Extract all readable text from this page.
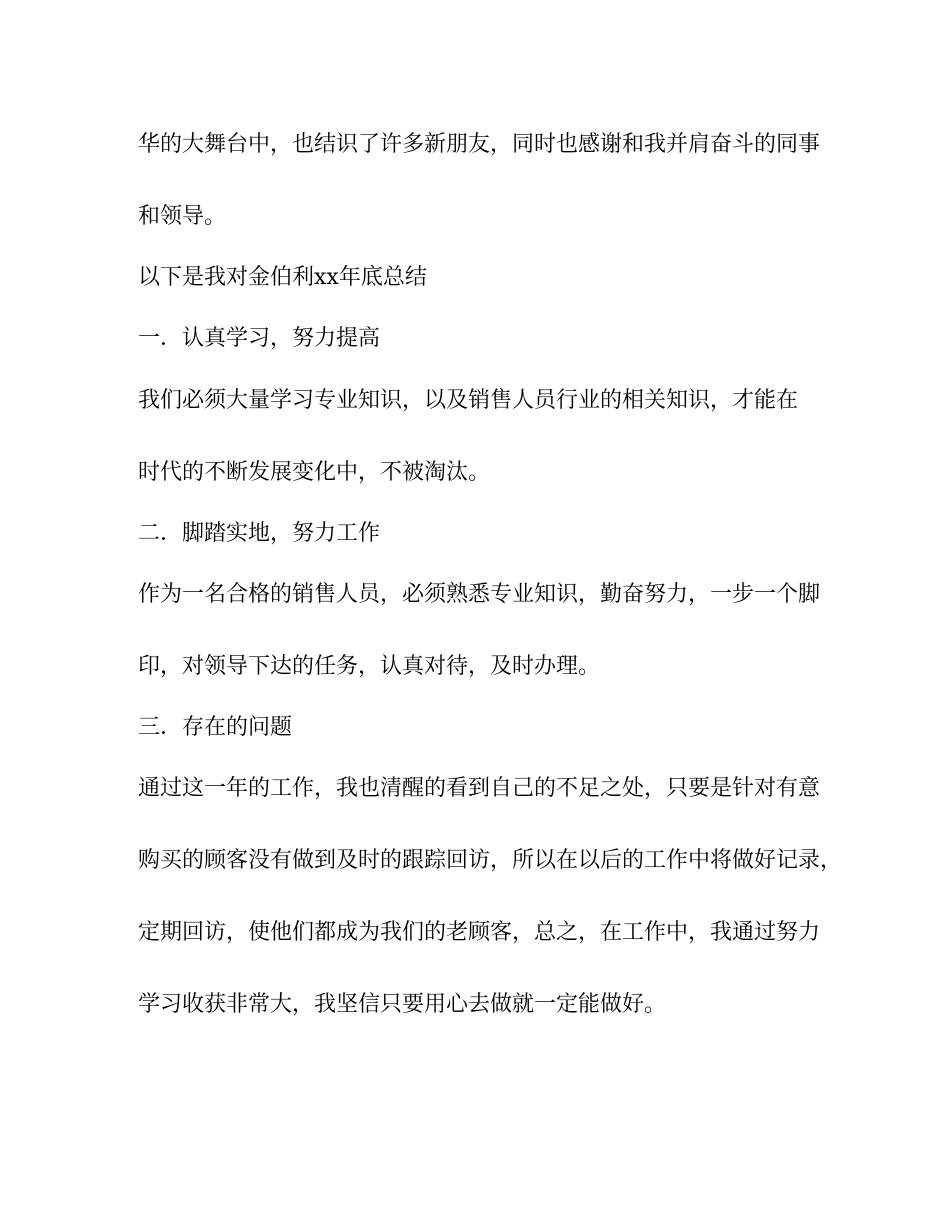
华的大舞台中，也结识了许多新朋友，同时也感谢和我并肩奋斗的同事

和领导。

以下是我对金伯利xx年底总结

一．认真学习，努力提高

我们必须大量学习专业知识，以及销售人员行业的相关知识，才能在

时代的不断发展变化中，不被淘汰。

二．脚踏实地，努力工作

作为一名合格的销售人员，必须熟悉专业知识，勤奋努力，一步一个脚

印，对领导下达的任务，认真对待，及时办理。

三．存在的问题

通过这一年的工作，我也清醒的看到自己的不足之处，只要是针对有意

购买的顾客没有做到及时的跟踪回访，所以在以后的工作中将做好记录，

定期回访，使他们都成为我们的老顾客，总之，在工作中，我通过努力

学习收获非常大，我坚信只要用心去做就一定能做好。
